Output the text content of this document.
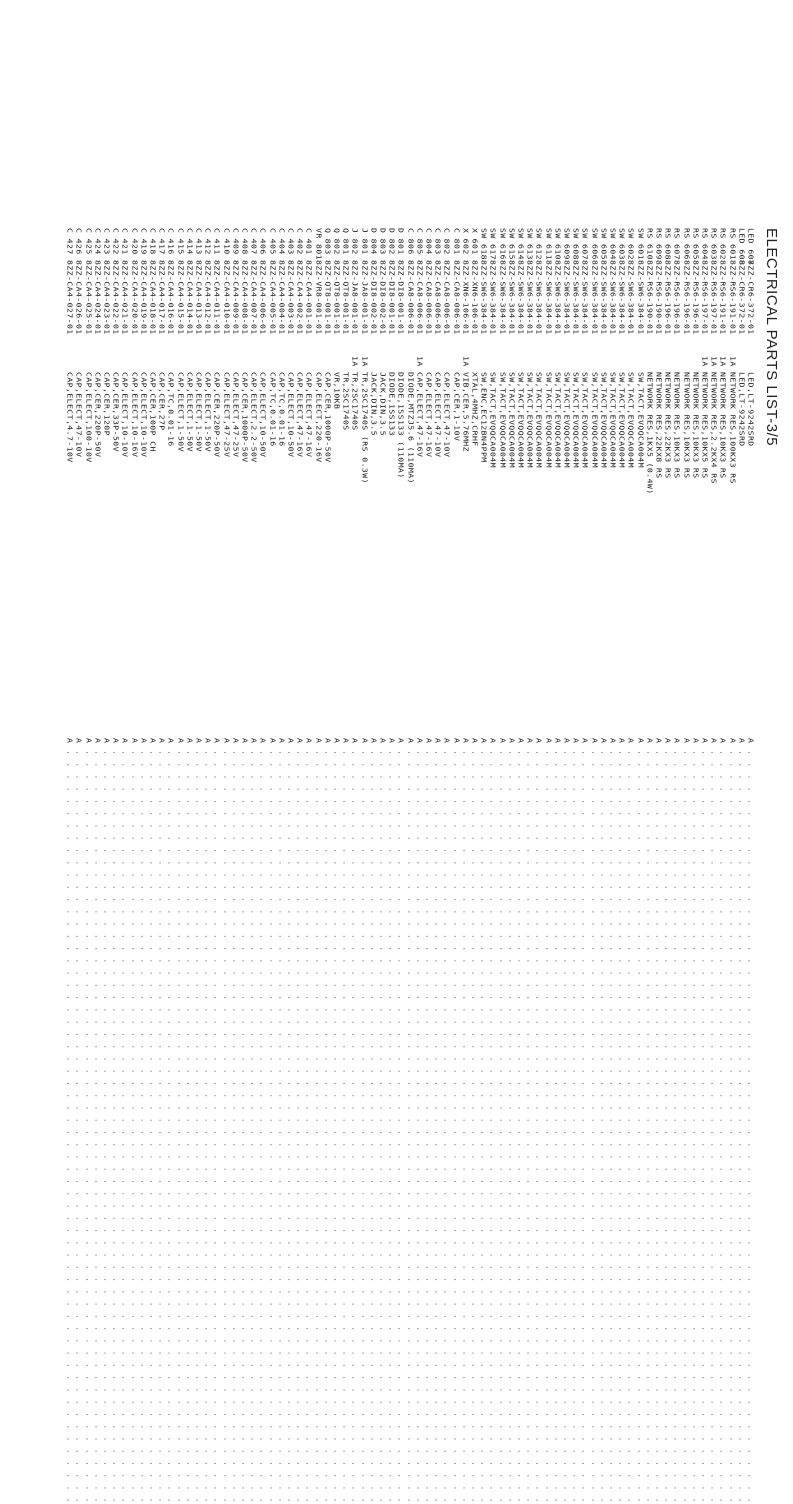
ELECTRICAL PARTS LIST-3/5
LED 607
8ZZ-CR6-372-01
LED,LT-9242SRD
A
. . . . . . . . . . . . . . . . . . . . . . . . . . . . . . . . . . . . . . . . . . . . . . . . . . . . . . . . . . . . . .
LED 608
8ZZ-CR6-372-01
LED,LT-9242SRD
A
. . . . . . . . . . . . . . . . . . . . . . . . . . . . . . . . . . . . . . . . . . . . . . . . . . . . . . . . . . . . . .
RS 601
8ZZ-RS6-191-01
1A
NETWORK RES,100KX3 RS
A
. . . . . . . . . . . . . . . . . . . . . . . . . . . . . . . . . . . . . . . . . . . . . . . . . . . . . . . . . . . . . .
RS 602
8ZZ-RS6-191-01
1A
NETWORK RES,10KX3 RS
A
. . . . . . . . . . . . . . . . . . . . . . . . . . . . . . . . . . . . . . . . . . . . . . . . . . . . . . . . . . . . . .
RS 603
8ZZ-RS6-197-01
1A
NETWORK RES,2.2KX4 RS
A
. . . . . . . . . . . . . . . . . . . . . . . . . . . . . . . . . . . . . . . . . . . . . . . . . . . . . . . . . . . . . .
RS 604
8ZZ-RS6-197-01
1A
NETWORK RES,10KX5 RS
A
. . . . . . . . . . . . . . . . . . . . . . . . . . . . . . . . . . . . . . . . . . . . . . . . . . . . . . . . . . . . . .
RS 605
8ZZ-RS6-196-01
NETWORK RES,10KX3 RS
A
. . . . . . . . . . . . . . . . . . . . . . . . . . . . . . . . . . . . . . . . . . . . . . . . . . . . . . . . . . . . . .
RS 606
8ZZ-RS6-196-01
NETWORK RES,10KX3 RS
A
. . . . . . . . . . . . . . . . . . . . . . . . . . . . . . . . . . . . . . . . . . . . . . . . . . . . . . . . . . . . . .
RS 607
8ZZ-RS6-196-01
NETWORK RES,10KX3 RS
A
. . . . . . . . . . . . . . . . . . . . . . . . . . . . . . . . . . . . . . . . . . . . . . . . . . . . . . . . . . . . . .
RS 608
8ZZ-RS6-196-01
NETWORK RES,22KX3 RS
A
. . . . . . . . . . . . . . . . . . . . . . . . . . . . . . . . . . . . . . . . . . . . . . . . . . . . . . . . . . . . . .
RS 609
8ZZ-RS6-190-01
NETWORK RES,22KX8 RS
A
. . . . . . . . . . . . . . . . . . . . . . . . . . . . . . . . . . . . . . . . . . . . . . . . . . . . . . . . . . . . . .
RS 610
8ZZ-RS6-190-01
NETWORK RES,1KX5 (0.4W)
A
. . . . . . . . . . . . . . . . . . . . . . . . . . . . . . . . . . . . . . . . . . . . . . . . . . . . . . . . . . . . . .
SW 601
8ZZ-SW6-384-01
SW,TACT,EVQQCA004M
A
. . . . . . . . . . . . . . . . . . . . . . . . . . . . . . . . . . . . . . . . . . . . . . . . . . . . . . . . . . . . . .
SW 602
8ZZ-SW6-384-01
SW,TACT,EVQQCA004M
A
. . . . . . . . . . . . . . . . . . . . . . . . . . . . . . . . . . . . . . . . . . . . . . . . . . . . . . . . . . . . . .
SW 603
8ZZ-SW6-384-01
SW,TACT,EVQQCA004M
A
. . . . . . . . . . . . . . . . . . . . . . . . . . . . . . . . . . . . . . . . . . . . . . . . . . . . . . . . . . . . . .
SW 604
8ZZ-SW6-384-01
SW,TACT,EVQQCA004M
A
. . . . . . . . . . . . . . . . . . . . . . . . . . . . . . . . . . . . . . . . . . . . . . . . . . . . . . . . . . . . . .
SW 605
8ZZ-SW6-384-01
SW,TACT,EVQQCA004M
A
. . . . . . . . . . . . . . . . . . . . . . . . . . . . . . . . . . . . . . . . . . . . . . . . . . . . . . . . . . . . . .
SW 606
8ZZ-SW6-384-01
SW,TACT,EVQQCA004M
A
. . . . . . . . . . . . . . . . . . . . . . . . . . . . . . . . . . . . . . . . . . . . . . . . . . . . . . . . . . . . . .
SW 607
8ZZ-SW6-384-01
SW,TACT,EVQQCA004M
A
. . . . . . . . . . . . . . . . . . . . . . . . . . . . . . . . . . . . . . . . . . . . . . . . . . . . . . . . . . . . . .
SW 608
8ZZ-SW6-384-01
SW,TACT,EVQQCA004M
A
. . . . . . . . . . . . . . . . . . . . . . . . . . . . . . . . . . . . . . . . . . . . . . . . . . . . . . . . . . . . . .
SW 609
8ZZ-SW6-384-01
SW,TACT,EVQQCA004M
A
. . . . . . . . . . . . . . . . . . . . . . . . . . . . . . . . . . . . . . . . . . . . . . . . . . . . . . . . . . . . . .
SW 610
8ZZ-SW6-384-01
SW,TACT,EVQQCA004M
A
. . . . . . . . . . . . . . . . . . . . . . . . . . . . . . . . . . . . . . . . . . . . . . . . . . . . . . . . . . . . . .
SW 611
8ZZ-SW6-384-01
SW,TACT,EVQQCA004M
A
. . . . . . . . . . . . . . . . . . . . . . . . . . . . . . . . . . . . . . . . . . . . . . . . . . . . . . . . . . . . . .
SW 612
8ZZ-SW6-384-01
SW,TACT,EVQQCA004M
A
. . . . . . . . . . . . . . . . . . . . . . . . . . . . . . . . . . . . . . . . . . . . . . . . . . . . . . . . . . . . . .
SW 613
8ZZ-SW6-384-01
SW,TACT,EVQQCA004M
A
. . . . . . . . . . . . . . . . . . . . . . . . . . . . . . . . . . . . . . . . . . . . . . . . . . . . . . . . . . . . . .
SW 614
8ZZ-SW6-384-01
SW,TACT,EVQQCA004M
A
. . . . . . . . . . . . . . . . . . . . . . . . . . . . . . . . . . . . . . . . . . . . . . . . . . . . . . . . . . . . . .
SW 615
8ZZ-SW6-384-01
SW,TACT,EVQQCA004M
A
. . . . . . . . . . . . . . . . . . . . . . . . . . . . . . . . . . . . . . . . . . . . . . . . . . . . . . . . . . . . . .
SW 616
8ZZ-SW6-384-01
SW,TACT,EVQQCA004M
A
. . . . . . . . . . . . . . . . . . . . . . . . . . . . . . . . . . . . . . . . . . . . . . . . . . . . . . . . . . . . . .
SW 617
8ZZ-SW6-384-01
SW,TACT,EVQQCA004M
A
. . . . . . . . . . . . . . . . . . . . . . . . . . . . . . . . . . . . . . . . . . . . . . . . . . . . . . . . . . . . . .
SW 618
8ZZ-SW6-384-01
SW,ENC,EC12BN4PPM
A
. . . . . . . . . . . . . . . . . . . . . . . . . . . . . . . . . . . . . . . . . . . . . . . . . . . . . . . . . . . . . .
X 601
8ZZ-XN6-106-01
XTAL,4MHZ,CRHF
A
. . . . . . . . . . . . . . . . . . . . . . . . . . . . . . . . . . . . . . . . . . . . . . . . . . . . . . . . . . . . . .
X 602
8ZZ-XN6-106-01
1A
VIB,CER,5.76MHZ
A
. . . . . . . . . . . . . . . . . . . . . . . . . . . . . . . . . . . . . . . . . . . . . . . . . . . . . . . . . . . . . .
C 801
8ZZ-CA8-006-01
CAP,CER,1-10V
A
. . . . . . . . . . . . . . . . . . . . . . . . . . . . . . . . . . . . . . . . . . . . . . . . . . . . . . . . . . . . . .
C 802
8ZZ-CA8-006-01
CAP,ELECT,47-10V
A
. . . . . . . . . . . . . . . . . . . . . . . . . . . . . . . . . . . . . . . . . . . . . . . . . . . . . . . . . . . . . .
C 803
8ZZ-CA8-006-01
CAP,ELECT,47-10V
A
. . . . . . . . . . . . . . . . . . . . . . . . . . . . . . . . . . . . . . . . . . . . . . . . . . . . . . . . . . . . . .
C 804
8ZZ-CA8-006-01
CAP,ELECT,47-16V
A
. . . . . . . . . . . . . . . . . . . . . . . . . . . . . . . . . . . . . . . . . . . . . . . . . . . . . . . . . . . . . .
C 805
8ZZ-CA8-006-01
1A
CAP,ELECT,47-16V
A
. . . . . . . . . . . . . . . . . . . . . . . . . . . . . . . . . . . . . . . . . . . . . . . . . . . . . . . . . . . . . .
C 806
8ZZ-CA8-006-01
DIODE,MTZJ5.6 (110MA)
A
. . . . . . . . . . . . . . . . . . . . . . . . . . . . . . . . . . . . . . . . . . . . . . . . . . . . . . . . . . . . . .
D 801
8ZZ-DI8-001-01
DIODE,1SS133 (110MA)
A
. . . . . . . . . . . . . . . . . . . . . . . . . . . . . . . . . . . . . . . . . . . . . . . . . . . . . . . . . . . . . .
D 802
8ZZ-DI8-001-01
DIODE,1SS133
A
. . . . . . . . . . . . . . . . . . . . . . . . . . . . . . . . . . . . . . . . . . . . . . . . . . . . . . . . . . . . . .
D 803
8ZZ-DI8-002-01
JACK,DIN,3.5
A
. . . . . . . . . . . . . . . . . . . . . . . . . . . . . . . . . . . . . . . . . . . . . . . . . . . . . . . . . . . . . .
D 804
8ZZ-DI8-002-01
JACK,DIN,3.5
A
. . . . . . . . . . . . . . . . . . . . . . . . . . . . . . . . . . . . . . . . . . . . . . . . . . . . . . . . . . . . . .
J 801
8ZZ-JA8-001-01
1A
TR,2SC1740S (RS 0.3W)
A
. . . . . . . . . . . . . . . . . . . . . . . . . . . . . . . . . . . . . . . . . . . . . . . . . . . . . . . . . . . . . .
J 802
8ZZ-JA8-001-01
1A
TR,2SC1740S
A
. . . . . . . . . . . . . . . . . . . . . . . . . . . . . . . . . . . . . . . . . . . . . . . . . . . . . . . . . . . . . .
Q 801
8ZZ-QT8-001-01
TR,2SC1740S
A
. . . . . . . . . . . . . . . . . . . . . . . . . . . . . . . . . . . . . . . . . . . . . . . . . . . . . . . . . . . . . .
Q 802
8ZZ-QT8-001-01
VR,10KB
A
. . . . . . . . . . . . . . . . . . . . . . . . . . . . . . . . . . . . . . . . . . . . . . . . . . . . . . . . . . . . . .
Q 803
8ZZ-QT8-001-01
CAP,CER,1000P-50V
A
. . . . . . . . . . . . . . . . . . . . . . . . . . . . . . . . . . . . . . . . . . . . . . . . . . . . . . . . . . . . . .
VR 801
8ZZ-VR8-001-01
CAP,ELECT,220-16V
A
. . . . . . . . . . . . . . . . . . . . . . . . . . . . . . . . . . . . . . . . . . . . . . . . . . . . . . . . . . . . . .
C 401
8ZZ-CA4-001-01
CAP,ELECT,47-16V
A
. . . . . . . . . . . . . . . . . . . . . . . . . . . . . . . . . . . . . . . . . . . . . . . . . . . . . . . . . . . . . .
C 402
8ZZ-CA4-002-01
CAP,ELECT,47-16V
A
. . . . . . . . . . . . . . . . . . . . . . . . . . . . . . . . . . . . . . . . . . . . . . . . . . . . . . . . . . . . . .
C 403
8ZZ-CA4-003-01
CAP,ELECT,10-50V
A
. . . . . . . . . . . . . . . . . . . . . . . . . . . . . . . . . . . . . . . . . . . . . . . . . . . . . . . . . . . . . .
C 404
8ZZ-CA4-004-01
CAP,TC,0.01-16
A
. . . . . . . . . . . . . . . . . . . . . . . . . . . . . . . . . . . . . . . . . . . . . . . . . . . . . . . . . . . . . .
C 405
8ZZ-CA4-005-01
CAP,TC,0.01-16
A
. . . . . . . . . . . . . . . . . . . . . . . . . . . . . . . . . . . . . . . . . . . . . . . . . . . . . . . . . . . . . .
C 406
8ZZ-CA4-006-01
CAP,ELECT,10-50V
A
. . . . . . . . . . . . . . . . . . . . . . . . . . . . . . . . . . . . . . . . . . . . . . . . . . . . . . . . . . . . . .
C 407
8ZZ-CA4-007-01
CAP,ELECT,2.2-50V
A
. . . . . . . . . . . . . . . . . . . . . . . . . . . . . . . . . . . . . . . . . . . . . . . . . . . . . . . . . . . . . .
C 408
8ZZ-CA4-008-01
CAP,CER,1000P-50V
A
. . . . . . . . . . . . . . . . . . . . . . . . . . . . . . . . . . . . . . . . . . . . . . . . . . . . . . . . . . . . . .
C 409
8ZZ-CA4-009-01
CAP,ELECT,47-25V
A
. . . . . . . . . . . . . . . . . . . . . . . . . . . . . . . . . . . . . . . . . . . . . . . . . . . . . . . . . . . . . .
C 410
8ZZ-CA4-010-01
CAP,ELECT,47-25V
A
. . . . . . . . . . . . . . . . . . . . . . . . . . . . . . . . . . . . . . . . . . . . . . . . . . . . . . . . . . . . . .
C 411
8ZZ-CA4-011-01
CAP,CER,220P-50V
A
. . . . . . . . . . . . . . . . . . . . . . . . . . . . . . . . . . . . . . . . . . . . . . . . . . . . . . . . . . . . . .
C 412
8ZZ-CA4-012-01
CAP,ELECT,1-50V
A
. . . . . . . . . . . . . . . . . . . . . . . . . . . . . . . . . . . . . . . . . . . . . . . . . . . . . . . . . . . . . .
C 413
8ZZ-CA4-013-01
CAP,ELECT,1-50V
A
. . . . . . . . . . . . . . . . . . . . . . . . . . . . . . . . . . . . . . . . . . . . . . . . . . . . . . . . . . . . . .
C 414
8ZZ-CA4-014-01
CAP,ELECT,1-50V
A
. . . . . . . . . . . . . . . . . . . . . . . . . . . . . . . . . . . . . . . . . . . . . . . . . . . . . . . . . . . . . .
C 415
8ZZ-CA4-015-01
CAP,ELECT,1-50V
A
. . . . . . . . . . . . . . . . . . . . . . . . . . . . . . . . . . . . . . . . . . . . . . . . . . . . . . . . . . . . . .
C 416
8ZZ-CA4-016-01
CAP,TC,0.01-16
A
. . . . . . . . . . . . . . . . . . . . . . . . . . . . . . . . . . . . . . . . . . . . . . . . . . . . . . . . . . . . . .
C 417
8ZZ-CA4-017-01
CAP,CER,27P
A
. . . . . . . . . . . . . . . . . . . . . . . . . . . . . . . . . . . . . . . . . . . . . . . . . . . . . . . . . . . . . .
C 418
8ZZ-CA4-018-01
CAP,CER,100P CH
A
. . . . . . . . . . . . . . . . . . . . . . . . . . . . . . . . . . . . . . . . . . . . . . . . . . . . . . . . . . . . . .
C 419
8ZZ-CA4-019-01
CAP,ELECT,10-10V
A
. . . . . . . . . . . . . . . . . . . . . . . . . . . . . . . . . . . . . . . . . . . . . . . . . . . . . . . . . . . . . .
C 420
8ZZ-CA4-020-01
CAP,ELECT,10-16V
A
. . . . . . . . . . . . . . . . . . . . . . . . . . . . . . . . . . . . . . . . . . . . . . . . . . . . . . . . . . . . . .
C 421
8ZZ-CA4-021-01
CAP,ELECT,10-10V
A
. . . . . . . . . . . . . . . . . . . . . . . . . . . . . . . . . . . . . . . . . . . . . . . . . . . . . . . . . . . . . .
C 422
8ZZ-CA4-022-01
CAP,CER,33P-50V
A
. . . . . . . . . . . . . . . . . . . . . . . . . . . . . . . . . . . . . . . . . . . . . . . . . . . . . . . . . . . . . .
C 423
8ZZ-CA4-023-01
CAP,CER,120P
A
. . . . . . . . . . . . . . . . . . . . . . . . . . . . . . . . . . . . . . . . . . . . . . . . . . . . . . . . . . . . . .
C 424
8ZZ-CA4-024-01
CAP,CER,220P-50V
A
. . . . . . . . . . . . . . . . . . . . . . . . . . . . . . . . . . . . . . . . . . . . . . . . . . . . . . . . . . . . . .
C 425
8ZZ-CA4-025-01
CAP,ELECT,100-10V
A
. . . . . . . . . . . . . . . . . . . . . . . . . . . . . . . . . . . . . . . . . . . . . . . . . . . . . . . . . . . . . .
C 426
8ZZ-CA4-026-01
CAP,ELECT,47-10V
A
. . . . . . . . . . . . . . . . . . . . . . . . . . . . . . . . . . . . . . . . . . . . . . . . . . . . . . . . . . . . . .
C 427
8ZZ-CA4-027-01
CAP,ELECT,4.7-10V
A
. . . . . . . . . . . . . . . . . . . . . . . . . . . . . . . . . . . . . . . . . . . . . . . . . . . . . . . . . . . . . .
